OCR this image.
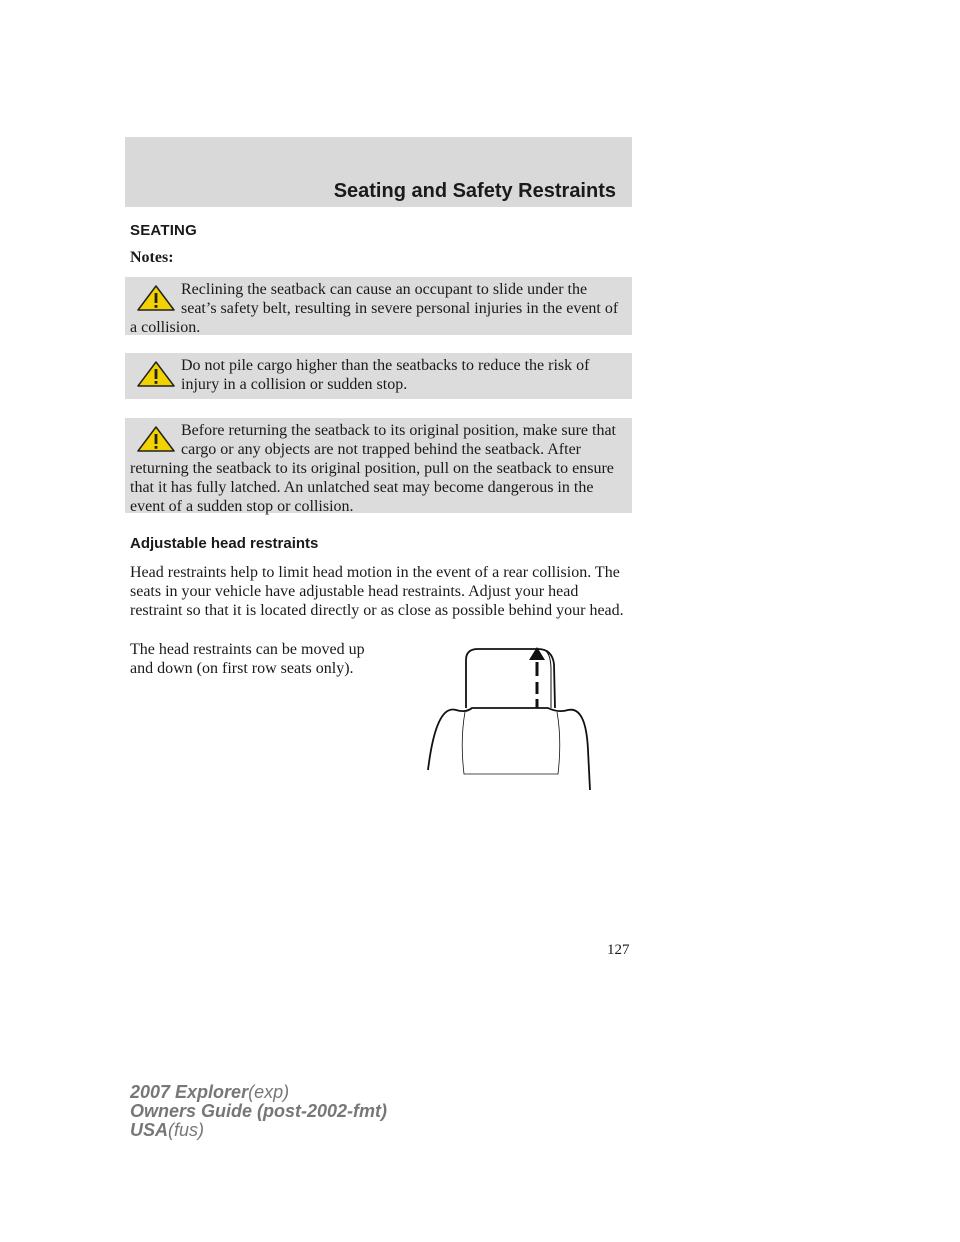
Seating and Safety Restraints
SEATING
Notes:

Reclining the seatback can cause an occupant to slide under the seat’s safety belt, resulting in severe personal injuries in the event of a collision.

Do not pile cargo higher than the seatbacks to reduce the risk of injury in a collision or sudden stop.

Before returning the seatback to its original position, make sure that cargo or any objects are not trapped behind the seatback. After returning the seatback to its original position, pull on the seatback to ensure that it has fully latched. An unlatched seat may become dangerous in the event of a sudden stop or collision.

Adjustable head restraints

Head restraints help to limit head motion in the event of a rear collision. The seats in your vehicle have adjustable head restraints. Adjust your head restraint so that it is located directly or as close as possible behind your head.

The head restraints can be moved up and down (on first row seats only).

127
2007 Explorer(exp)
Owners Guide (post-2002-fmt)
USA(fus)
